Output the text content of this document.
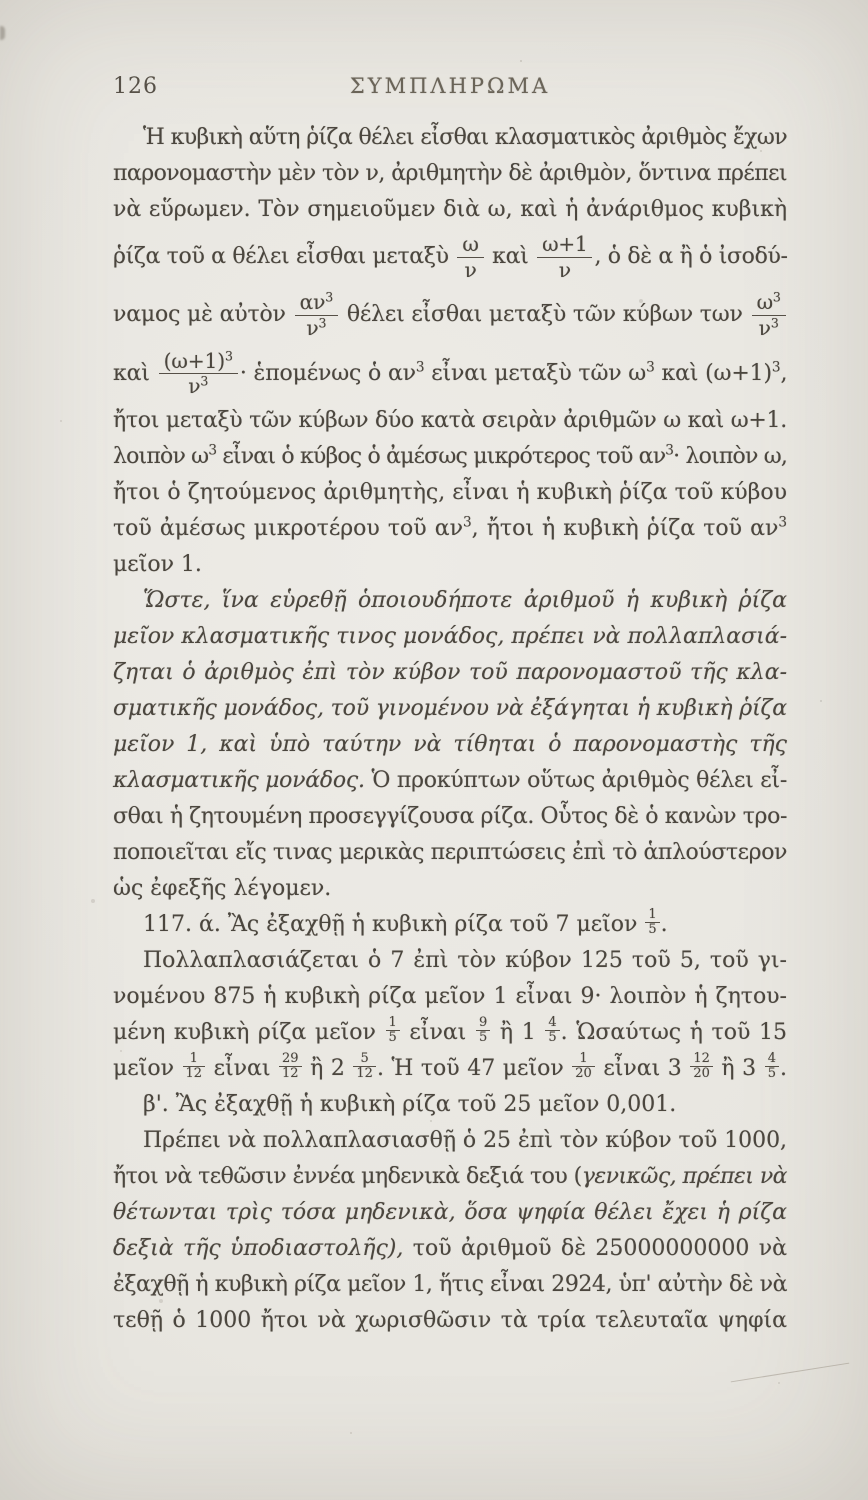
126	ΣΥΜΠΛΗΡΩΜΑ
Ἡ κυβικὴ αὕτη ῥίζα θέλει εἶσθαι κλασματικὸς ἀριθμὸς ἔχων
παρονομαστὴν μὲν τὸν ν, ἀριθμητὴν δὲ ἀριθμὸν, ὅντινα πρέπει
νὰ εὕρωμεν. Τὸν σημειοῦμεν διὰ ω, καὶ ἡ ἀνάριθμος κυβικὴ
ῥίζα τοῦ α θέλει εἶσθαι μεταξὺ $\frac{\omega}{\nu}$ καὶ $\frac{\omega+1}{\nu}$ , ὁ δὲ α ἢ ὁ ἰσοδύ-
ναμος μὲ αὐτὸν $\frac{\alpha\nu^3}{\nu^3}$ θέλει εἶσθαι μεταξὺ τῶν κύβων των $\frac{\omega^3}{\nu^3}$
καὶ $\frac{(\omega+1)^3}{\nu^3}$ · ἑπομένως ὁ $\alpha\nu^3$ εἶναι μεταξὺ τῶν $\omega^3$ καὶ $(\omega+1)^3$,
ἤτοι μεταξὺ τῶν κύβων δύο κατὰ σειρὰν ἀριθμῶν ω καὶ ω+1.
λοιπὸν $\omega^3$ εἶναι ὁ κύβος ὁ ἀμέσως μικρότερος τοῦ $\alpha\nu^3\cdot$ λοιπὸν ω,
ἤτοι ὁ ζητούμενος ἀριθμητὴς, εἶναι ἡ κυβικὴ ῥίζα τοῦ κύβου
τοῦ ἀμέσως μικροτέρου τοῦ $\alpha\nu^3$, ἤτοι ἡ κυβικὴ ῥίζα τοῦ $\alpha\nu^3$
μεῖον 1.
Ὥστε, ἵνα εὑρεθῇ ὁποιουδήποτε ἀριθμοῦ ἡ κυβικὴ ῥίζα
μεῖον κλασματικῆς τινος μονάδος, πρέπει νὰ πολλαπλασιά-
ζηται ὁ ἀριθμὸς ἐπὶ τὸν κύβον τοῦ παρονομαστοῦ τῆς κλα-
σματικῆς μονάδος, τοῦ γινομένου νὰ ἐξάγηται ἡ κυβικὴ ῥίζα
μεῖον 1, καὶ ὑπὸ ταύτην νὰ τίθηται ὁ παρονομαστὴς τῆς
κλασματικῆς μονάδος. Ὁ προκύπτων οὕτως ἀριθμὸς θέλει εἶ-
σθαι ἡ ζητουμένη προσεγγίζουσα ρίζα. Οὗτος δὲ ὁ κανὼν τρο-
ποποιεῖται εἴς τινας μερικὰς περιπτώσεις ἐπὶ τὸ ἁπλούστερον
ὡς ἐφεξῆς λέγομεν.
117. ά. Ἂς ἐξαχθῇ ἡ κυβικὴ ρίζα τοῦ 7 μεῖον $\frac{1}{5}$ .
Πολλαπλασιάζεται ὁ 7 ἐπὶ τὸν κύβον 125 τοῦ 5, τοῦ γι-
νομένου 875 ἡ κυβικὴ ρίζα μεῖον 1 εἶναι 9· λοιπὸν ἡ ζητου-
μένη κυβικὴ ρίζα μεῖον $\frac{1}{5}$ εἶναι $\frac{9}{5}$ ἢ $1 \frac{4}{5}$ . Ὡσαύτως ἡ τοῦ 15
μεῖον $\frac{1}{12}$ εἶναι $\frac{29}{12}$ ἢ $2 \frac{5}{12}$ . Ἡ τοῦ 47 μεῖον $\frac{1}{20}$ εἶναι $3 \frac{12}{20}$ ἢ $3 \frac{4}{5}$ .
β'. Ἂς ἐξαχθῇ ἡ κυβικὴ ρίζα τοῦ 25 μεῖον 0,001.
Πρέπει νὰ πολλαπλασιασθῇ ὁ 25 ἐπὶ τὸν κύβον τοῦ 1000,
ἤτοι νὰ τεθῶσιν ἐννέα μηδενικὰ δεξιά του (γενικῶς, πρέπει νὰ
θέτωνται τρὶς τόσα μηδενικὰ, ὅσα ψηφία θέλει ἔχει ἡ ρίζα
δεξιὰ τῆς ὑποδιαστολῆς), τοῦ ἀριθμοῦ δὲ 25000000000 νὰ
ἐξαχθῇ ἡ κυβικὴ ρίζα μεῖον 1, ἥτις εἶναι 2924, ὑπ' αὐτὴν δὲ νὰ
τεθῇ ὁ 1000 ἤτοι νὰ χωρισθῶσιν τὰ τρία τελευταῖα ψηφία
